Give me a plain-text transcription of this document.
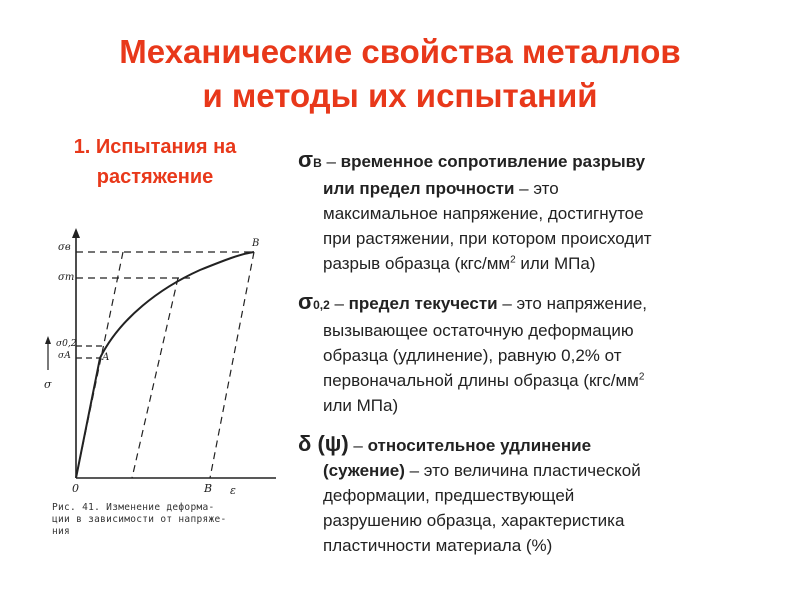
Механические свойства металлов
и методы их испытаний
1. Испытания на
растяжение
σв
σт
σ0,2
σА
σ
А
В
0	В ε
Рис. 41. Изменение деформа-
ции в зависимости от напряже-
ния
σВ – временное сопротивление разрыву
или предел прочности – это
максимальное напряжение, достигнутое
при растяжении, при котором происходит
разрыв образца ($кгс/мм^2$ или МПа)
σ0,2 – предел текучести – это напряжение,
вызывающее остаточную деформацию
образца (удлинение), равную 0,2% от
первоначальной длины образца ($кгс/мм^2$
или МПа)
δ (ψ) – относительное удлинение
(сужение) – это величина пластической
деформации, предшествующей
разрушению образца, характеристика
пластичности материала (%)
